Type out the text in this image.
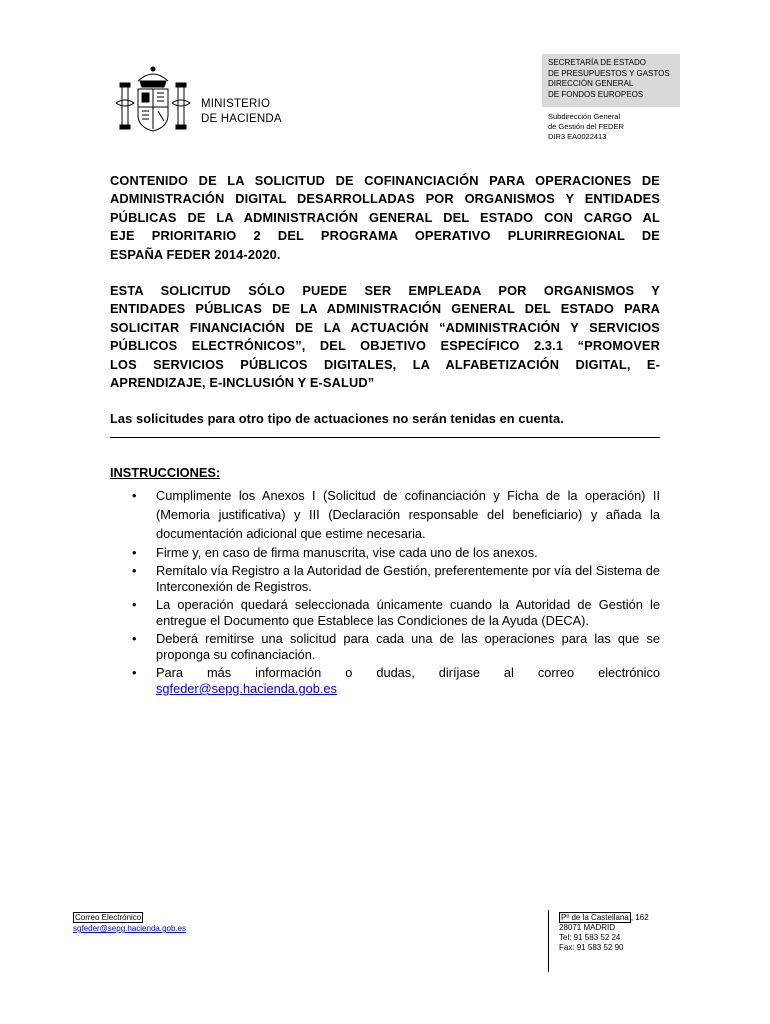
MINISTERIO
DE HACIENDA
SECRETARÍA DE ESTADO
DE PRESUPUESTOS Y GASTOS
DIRECCIÓN GENERAL
DE FONDOS EUROPEOS
Subdirección General
de Gestión del FEDER
DIR3 EA0022413
CONTENIDO DE LA SOLICITUD DE COFINANCIACIÓN PARA OPERACIONES DE
ADMINISTRACIÓN DIGITAL DESARROLLADAS POR ORGANISMOS Y ENTIDADES
PÚBLICAS DE LA ADMINISTRACIÓN GENERAL DEL ESTADO CON CARGO AL
EJE PRIORITARIO 2 DEL PROGRAMA OPERATIVO PLURIRREGIONAL DE
ESPAÑA FEDER 2014-2020.
ESTA SOLICITUD SÓLO PUEDE SER EMPLEADA POR ORGANISMOS Y
ENTIDADES PÚBLICAS DE LA ADMINISTRACIÓN GENERAL DEL ESTADO PARA
SOLICITAR FINANCIACIÓN DE LA ACTUACIÓN “ADMINISTRACIÓN Y SERVICIOS
PÚBLICOS ELECTRÓNICOS”, DEL OBJETIVO ESPECÍFICO 2.3.1 “PROMOVER
LOS SERVICIOS PÚBLICOS DIGITALES, LA ALFABETIZACIÓN DIGITAL, E-
APRENDIZAJE, E-INCLUSIÓN Y E-SALUD”
Las solicitudes para otro tipo de actuaciones no serán tenidas en cuenta.
INSTRUCCIONES:
• Cumplimente los Anexos I (Solicitud de cofinanciación y Ficha de la operación) II (Memoria justificativa) y III (Declaración responsable del beneficiario) y añada la documentación adicional que estime necesaria.
• Firme y, en caso de firma manuscrita, vise cada uno de los anexos.
• Remítalo vía Registro a la Autoridad de Gestión, preferentemente por vía del Sistema de Interconexión de Registros.
• La operación quedará seleccionada únicamente cuando la Autoridad de Gestión le entregue el Documento que Establece las Condiciones de la Ayuda (DECA).
• Deberá remitirse una solicitud para cada una de las operaciones para las que se proponga su cofinanciación.
• Para más información o dudas, diríjase al correo electrónico
sgfeder@sepg.hacienda.gob.es
Correo Electrónico
sgfeder@sepg.hacienda.gob.es
Pº de la Castellana , 162
28071 MADRID
Tel: 91 583 52 24
Fax: 91 583 52 90
